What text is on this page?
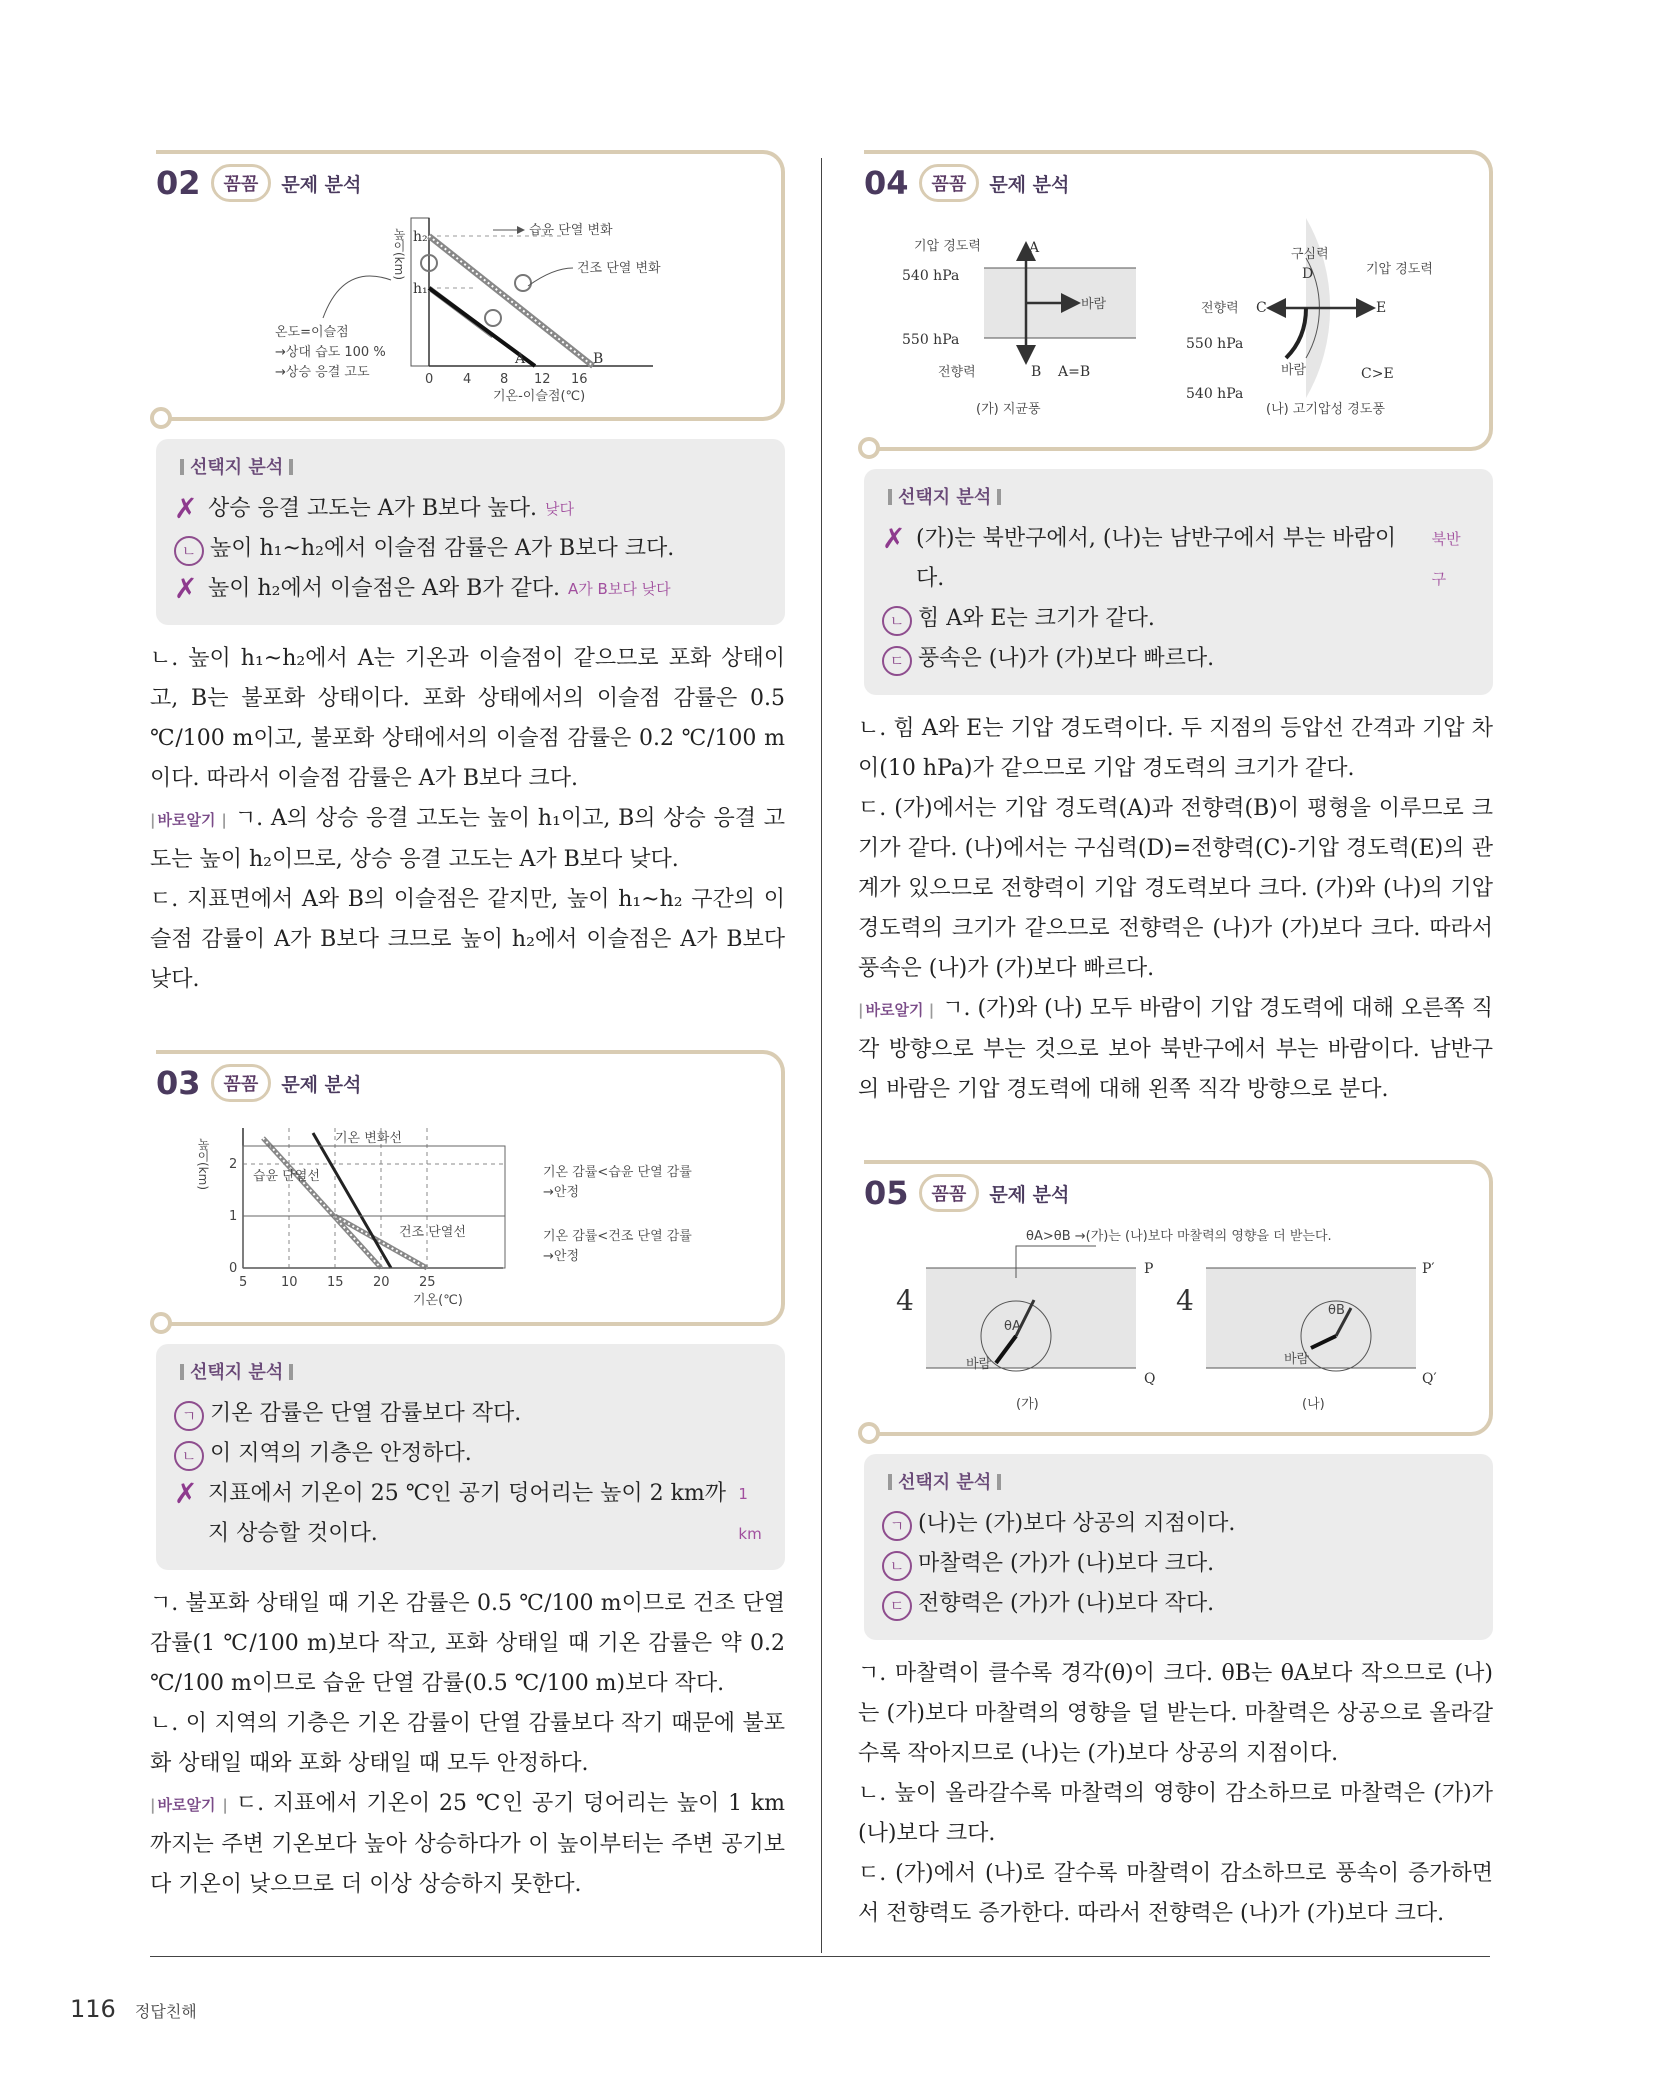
02	꼼꼼	문제 분석
높이(km) h₂
h₁
0 4 8 12 16
기온-이슬점(℃)
A	B
습윤 단열 변화
건조 단열 변화
온도=이슬점
→상대 습도 100 %
→상승 응결 고도
선택지 분석
✗ 상승 응결 고도는 A가 B보다 높다. 낮다
ㄴ 높이 h₁~h₂에서 이슬점 감률은 A가 B보다 크다.
✗ 높이 h₂에서 이슬점은 A와 B가 같다. A가 B보다 낮다

ㄴ. 높이 h₁~h₂에서 A는 기온과 이슬점이 같으므로 포화 상태이고, B는 불포화 상태이다. 포화 상태에서의 이슬점 감률은 0.5 ℃/100 m이고, 불포화 상태에서의 이슬점 감률은 0.2 ℃/100 m이다. 따라서 이슬점 감률은 A가 B보다 크다.

| 바로알기 | ㄱ. A의 상승 응결 고도는 높이 h₁이고, B의 상승 응결 고도는 높이 h₂이므로, 상승 응결 고도는 A가 B보다 낮다.

ㄷ. 지표면에서 A와 B의 이슬점은 같지만, 높이 h₁~h₂ 구간의 이슬점 감률이 A가 B보다 크므로 높이 h₂에서 이슬점은 A가 B보다 낮다.

03	꼼꼼	문제 분석
높이(km)
0
1
2
5	10 15 20 25
기온(℃)
기온 변화선
습윤 단열선
건조 단열선
기온 감률<습윤 단열 감률
→안정
기온 감률<건조 단열 감률
→안정
선택지 분석
ㄱ 기온 감률은 단열 감률보다 작다.
ㄴ 이 지역의 기층은 안정하다.
✗ 지표에서 기온이 25 ℃인 공기 덩어리는 높이 2 km까지 상승할 것이다.
1 km

ㄱ. 불포화 상태일 때 기온 감률은 0.5 ℃/100 m이므로 건조 단열 감률(1 ℃/100 m)보다 작고, 포화 상태일 때 기온 감률은 약 0.2 ℃/100 m이므로 습윤 단열 감률(0.5 ℃/100 m)보다 작다.

ㄴ. 이 지역의 기층은 기온 감률이 단열 감률보다 작기 때문에 불포화 상태일 때와 포화 상태일 때 모두 안정하다.

| 바로알기 | ㄷ. 지표에서 기온이 25 ℃인 공기 덩어리는 높이 1 km까지는 주변 기온보다 높아 상승하다가 이 높이부터는 주변 공기보다 기온이 낮으므로 더 이상 상승하지 못한다.

04	꼼꼼	문제 분석
기압 경도력	A
540 hPa
550 hPa
바람
전향력	B A=B
(가) 지균풍
구심력
D	기압 경도력
전향력 C	E
550 hPa
바람	C>E
540 hPa
(나) 고기압성 경도풍
선택지 분석
✗ (가)는 북반구에서, (나)는 남반구에서 부는 바람이다.
북반구
ㄴ 힘 A와 E는 크기가 같다.
ㄷ 풍속은 (나)가 (가)보다 빠르다.

ㄴ. 힘 A와 E는 기압 경도력이다. 두 지점의 등압선 간격과 기압 차이(10 hPa)가 같으므로 기압 경도력의 크기가 같다.

ㄷ. (가)에서는 기압 경도력(A)과 전향력(B)이 평형을 이루므로 크기가 같다. (나)에서는 구심력(D)=전향력(C)-기압 경도력(E)의 관계가 있으므로 전향력이 기압 경도력보다 크다. (가)와 (나)의 기압 경도력의 크기가 같으므로 전향력은 (나)가 (가)보다 크다. 따라서 풍속은 (나)가 (가)보다 빠르다.

| 바로알기 | ㄱ. (가)와 (나) 모두 바람이 기압 경도력에 대해 오른쪽 직각 방향으로 부는 것으로 보아 북반구에서 부는 바람이다. 남반구의 바람은 기압 경도력에 대해 왼쪽 직각 방향으로 분다.

05	꼼꼼	문제 분석
θA>θB →(가)는 (나)보다 마찰력의 영향을 더 받는다.
4	4
P
Q
P′
Q′
θA
θB
바람	바람
(가)	(나)
선택지 분석
ㄱ (나)는 (가)보다 상공의 지점이다.
ㄴ 마찰력은 (가)가 (나)보다 크다.
ㄷ 전향력은 (가)가 (나)보다 작다.

ㄱ. 마찰력이 클수록 경각(θ)이 크다. θB는 θA보다 작으므로 (나)는 (가)보다 마찰력의 영향을 덜 받는다. 마찰력은 상공으로 올라갈수록 작아지므로 (나)는 (가)보다 상공의 지점이다.

ㄴ. 높이 올라갈수록 마찰력의 영향이 감소하므로 마찰력은 (가)가 (나)보다 크다.

ㄷ. (가)에서 (나)로 갈수록 마찰력이 감소하므로 풍속이 증가하면서 전향력도 증가한다. 따라서 전향력은 (나)가 (가)보다 크다.

116 정답친해
